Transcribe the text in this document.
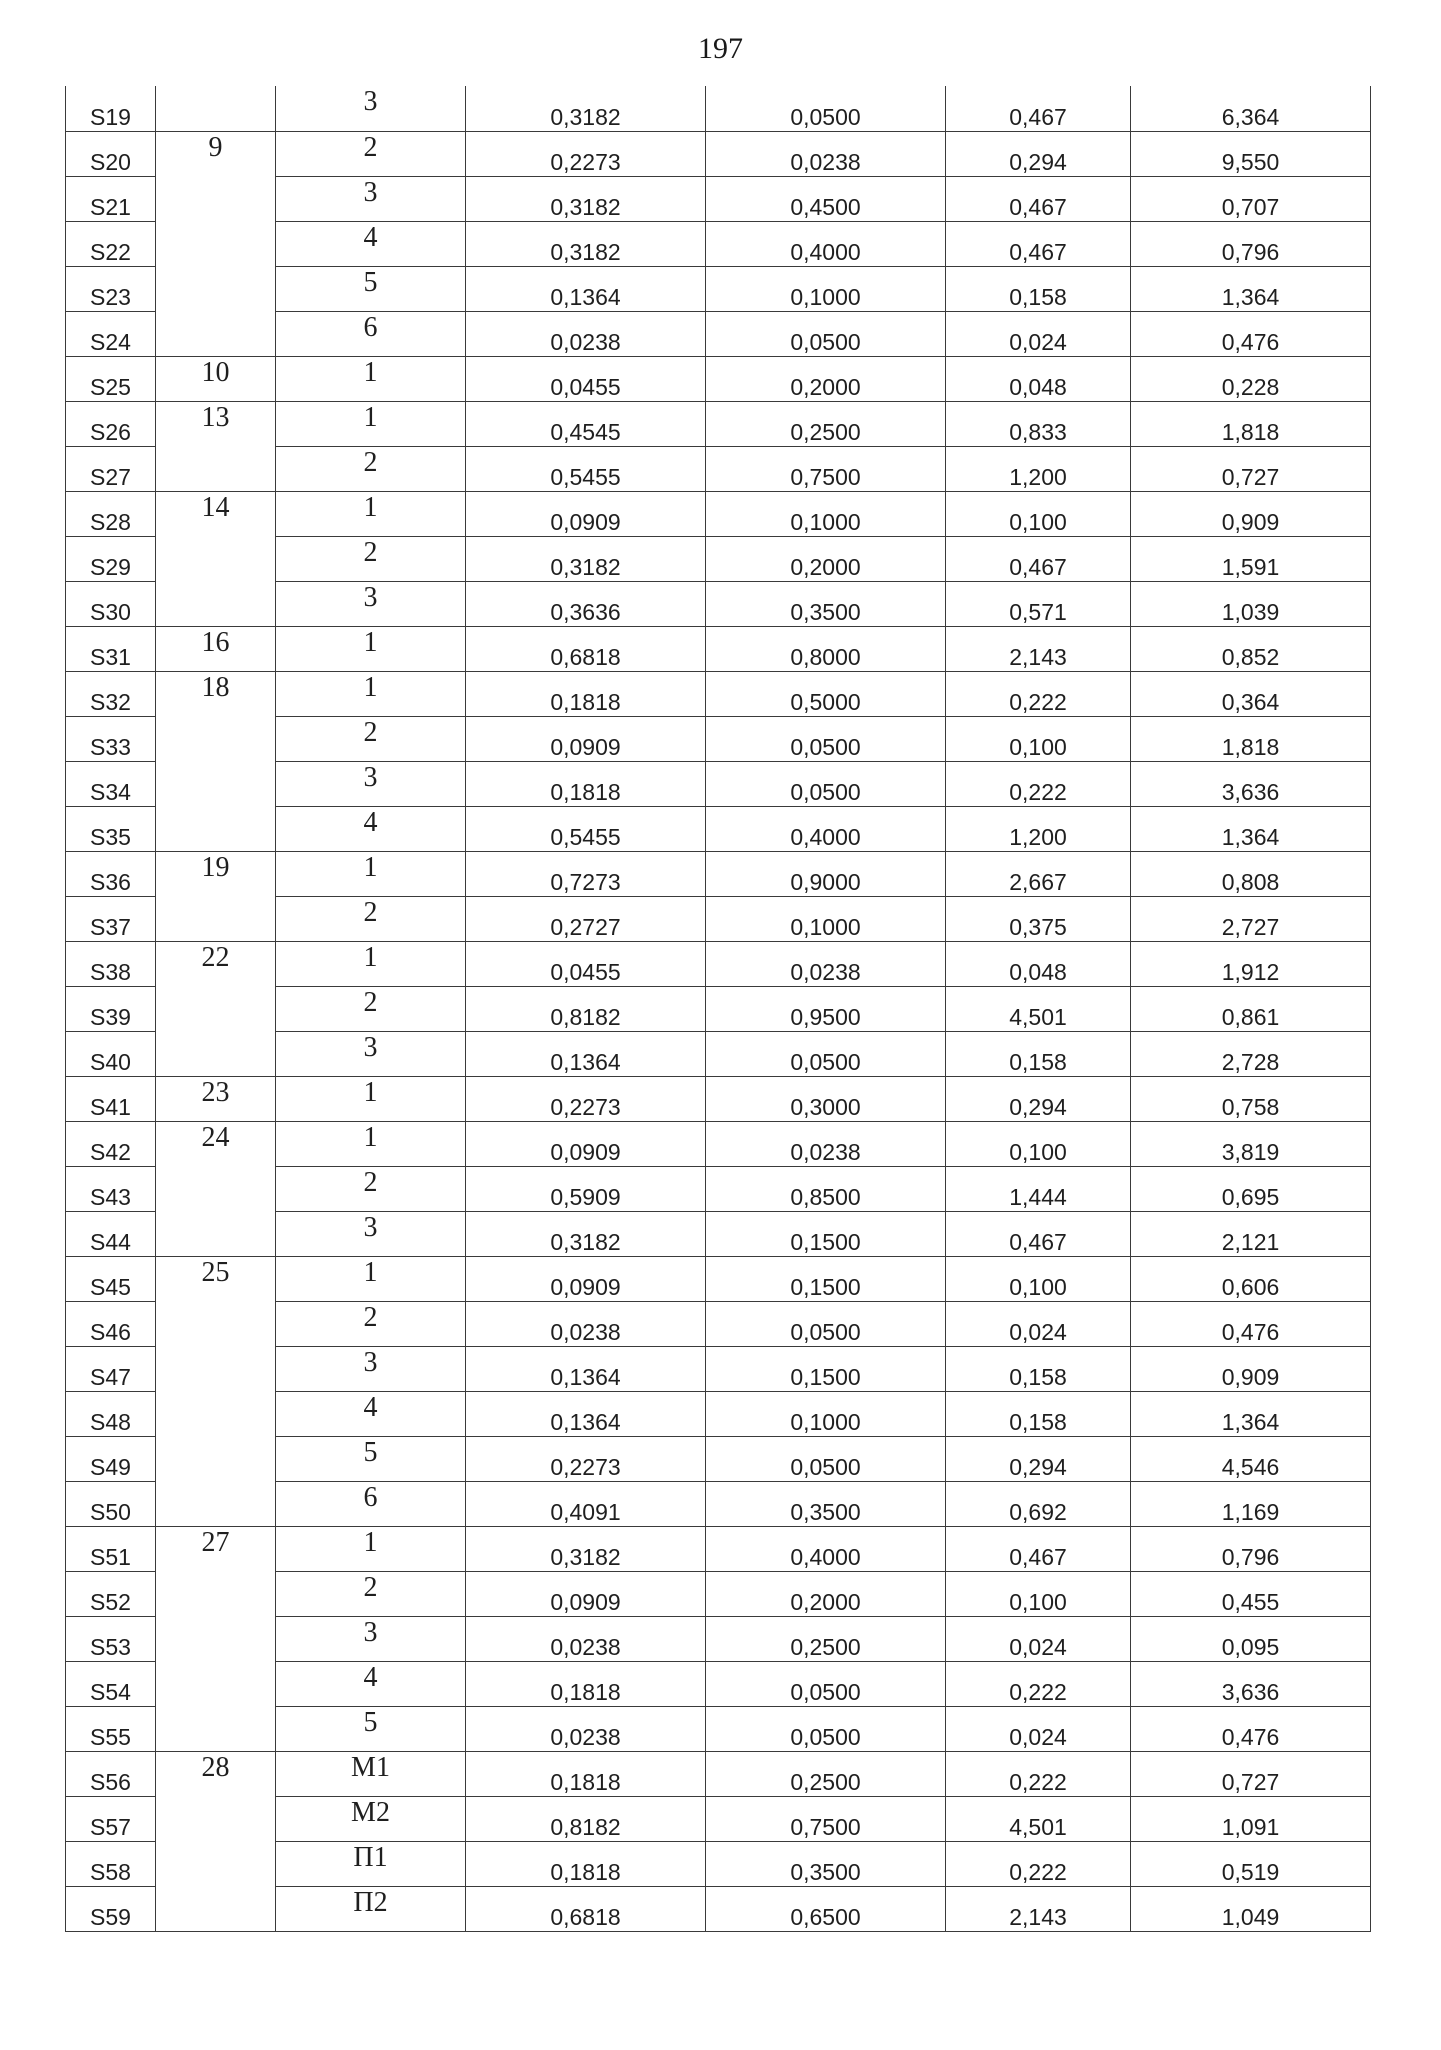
197
S19		3	0,3182	0,0500	0,467	6,364
S20	9	2	0,2273	0,0238	0,294	9,550
S21		3	0,3182	0,4500	0,467	0,707
S22		4	0,3182	0,4000	0,467	0,796
S23		5	0,1364	0,1000	0,158	1,364
S24		6	0,0238	0,0500	0,024	0,476
S25	10	1	0,0455	0,2000	0,048	0,228
S26	13	1	0,4545	0,2500	0,833	1,818
S27		2	0,5455	0,7500	1,200	0,727
S28	14	1	0,0909	0,1000	0,100	0,909
S29		2	0,3182	0,2000	0,467	1,591
S30		3	0,3636	0,3500	0,571	1,039
S31	16	1	0,6818	0,8000	2,143	0,852
S32	18	1	0,1818	0,5000	0,222	0,364
S33		2	0,0909	0,0500	0,100	1,818
S34		3	0,1818	0,0500	0,222	3,636
S35		4	0,5455	0,4000	1,200	1,364
S36	19	1	0,7273	0,9000	2,667	0,808
S37		2	0,2727	0,1000	0,375	2,727
S38	22	1	0,0455	0,0238	0,048	1,912
S39		2	0,8182	0,9500	4,501	0,861
S40		3	0,1364	0,0500	0,158	2,728
S41	23	1	0,2273	0,3000	0,294	0,758
S42	24	1	0,0909	0,0238	0,100	3,819
S43		2	0,5909	0,8500	1,444	0,695
S44		3	0,3182	0,1500	0,467	2,121
S45	25	1	0,0909	0,1500	0,100	0,606
S46		2	0,0238	0,0500	0,024	0,476
S47		3	0,1364	0,1500	0,158	0,909
S48		4	0,1364	0,1000	0,158	1,364
S49		5	0,2273	0,0500	0,294	4,546
S50		6	0,4091	0,3500	0,692	1,169
S51	27	1	0,3182	0,4000	0,467	0,796
S52		2	0,0909	0,2000	0,100	0,455
S53		3	0,0238	0,2500	0,024	0,095
S54		4	0,1818	0,0500	0,222	3,636
S55		5	0,0238	0,0500	0,024	0,476
S56	28	М1	0,1818	0,2500	0,222	0,727
S57		М2	0,8182	0,7500	4,501	1,091
S58		П1	0,1818	0,3500	0,222	0,519
S59		П2	0,6818	0,6500	2,143	1,049
